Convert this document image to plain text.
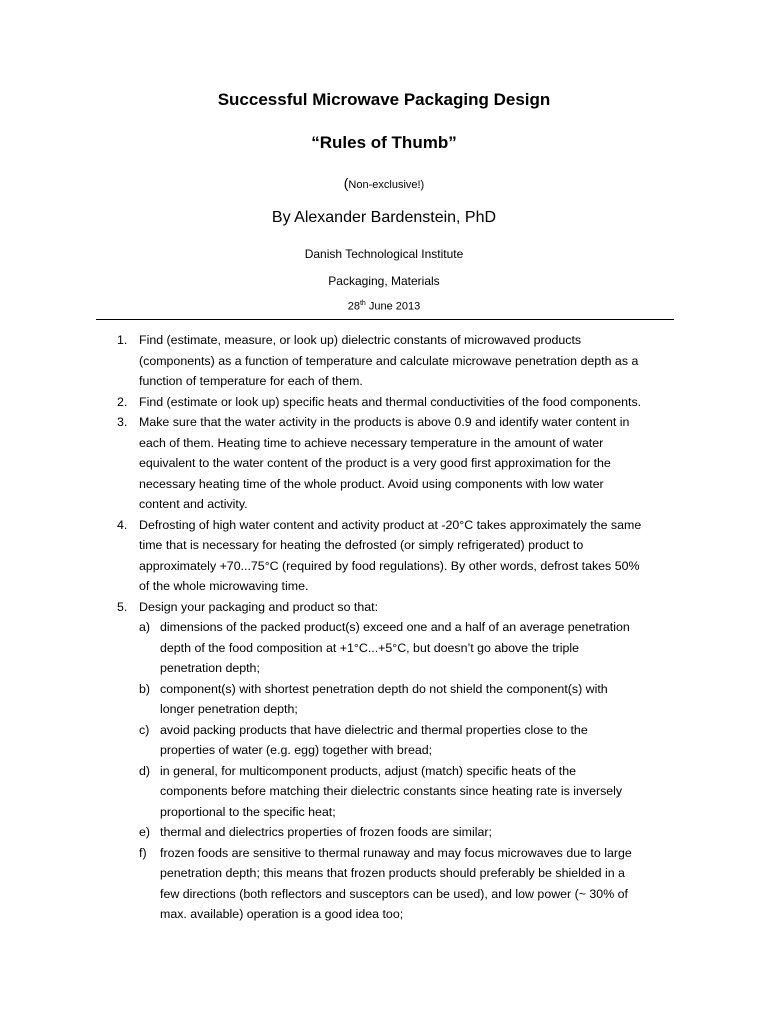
Successful Microwave Packaging Design
“Rules of Thumb”
(Non-exclusive!)
By Alexander Bardenstein, PhD
Danish Technological Institute
Packaging, Materials
28th June 2013
1. Find (estimate, measure, or look up) dielectric constants of microwaved products
(components) as a function of temperature and calculate microwave penetration depth as a
function of temperature for each of them.
2. Find (estimate or look up) specific heats and thermal conductivities of the food components.
3. Make sure that the water activity in the products is above 0.9 and identify water content in
each of them. Heating time to achieve necessary temperature in the amount of water
equivalent to the water content of the product is a very good first approximation for the
necessary heating time of the whole product. Avoid using components with low water
content and activity.
4. Defrosting of high water content and activity product at -20°C takes approximately the same
time that is necessary for heating the defrosted (or simply refrigerated) product to
approximately +70...75°C (required by food regulations). By other words, defrost takes 50%
of the whole microwaving time.
5. Design your packaging and product so that:
a) dimensions of the packed product(s) exceed one and a half of an average penetration
depth of the food composition at +1°C...+5°C, but doesn’t go above the triple
penetration depth;
b) component(s) with shortest penetration depth do not shield the component(s) with
longer penetration depth;
c) avoid packing products that have dielectric and thermal properties close to the
properties of water (e.g. egg) together with bread;
d) in general, for multicomponent products, adjust (match) specific heats of the
components before matching their dielectric constants since heating rate is inversely
proportional to the specific heat;
e) thermal and dielectrics properties of frozen foods are similar;
f) frozen foods are sensitive to thermal runaway and may focus microwaves due to large
penetration depth; this means that frozen products should preferably be shielded in a
few directions (both reflectors and susceptors can be used), and low power (~ 30% of
max. available) operation is a good idea too;
